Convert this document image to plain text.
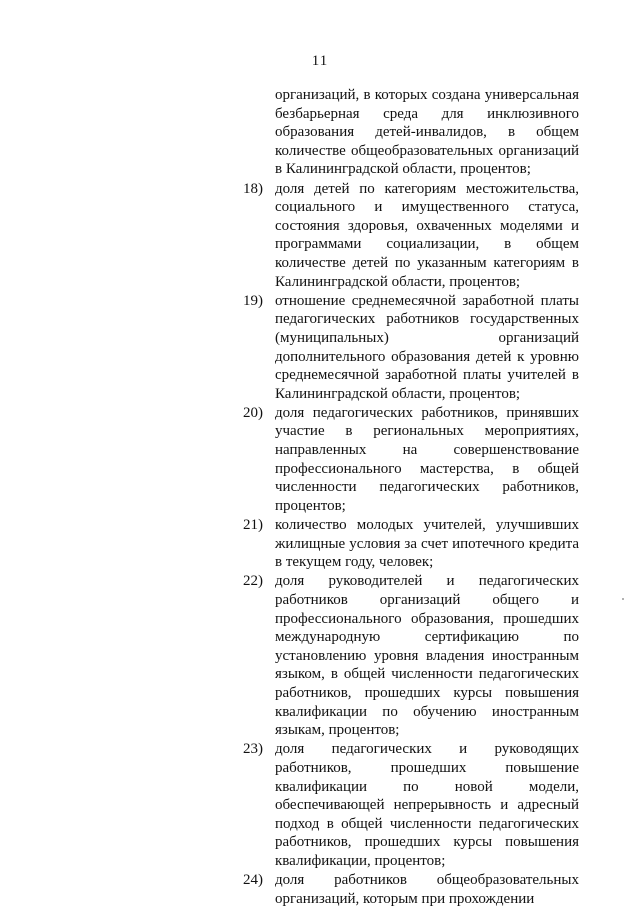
11

организаций, в которых создана универсальная безбарьерная среда для инклюзивного образования детей-инвалидов, в общем количестве общеобразовательных организаций в Калининградской области, процентов;

18) доля детей по категориям местожительства, социального и имущественного статуса, состояния здоровья, охваченных моделями и программами социализации, в общем количестве детей по указанным категориям в Калининградской области, процентов;

19) отношение среднемесячной заработной платы педагогических работников государственных (муниципальных) организаций дополнительного образования детей к уровню среднемесячной заработной платы учителей в Калининградской области, процентов;

20) доля педагогических работников, принявших участие в региональных мероприятиях, направленных на совершенствование профессионального мастерства, в общей численности педагогических работников, процентов;

21) количество молодых учителей, улучшивших жилищные условия за счет ипотечного кредита в текущем году, человек;

22) доля руководителей и педагогических работников организаций общего и профессионального образования, прошедших международную сертификацию по установлению уровня владения иностранным языком, в общей численности педагогических работников, прошедших курсы повышения квалификации по обучению иностранным языкам, процентов;

23) доля педагогических и руководящих работников, прошедших повышение квалификации по новой модели, обеспечивающей непрерывность и адресный подход в общей численности педагогических работников, прошедших курсы повышения квалификации, процентов;

24) доля работников общеобразовательных организаций, которым при прохождении
